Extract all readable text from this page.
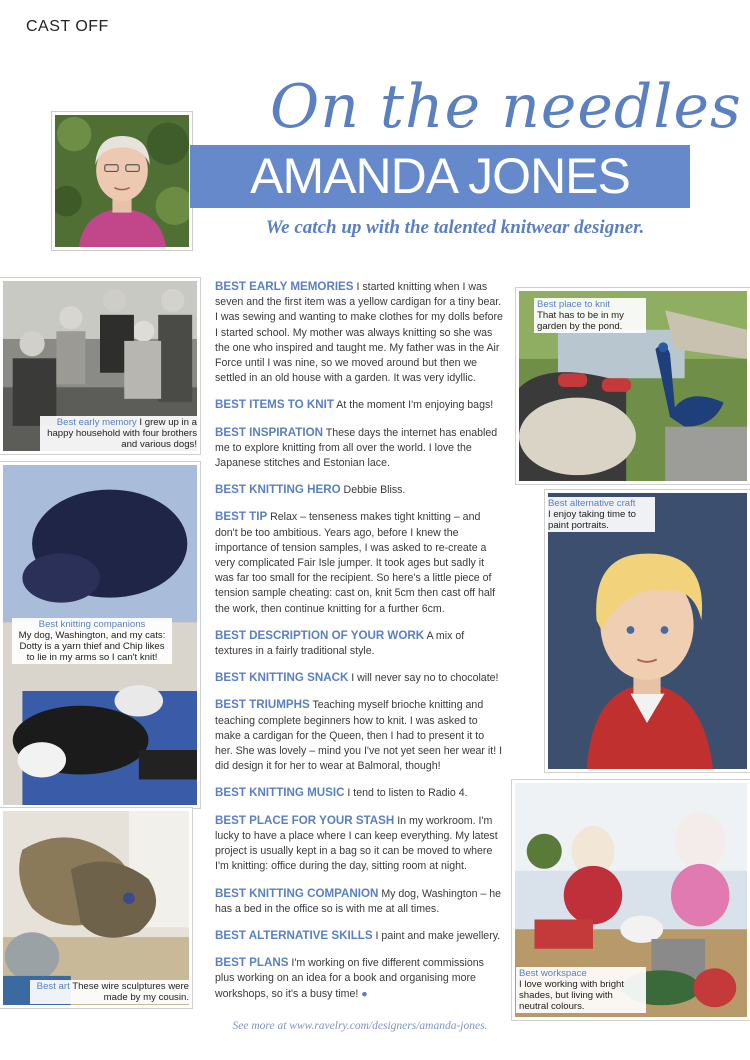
CAST OFF
On the needles
AMANDA JONES
We catch up with the talented knitwear designer.

BEST EARLY MEMORIES I started knitting when I was seven and the first item was a yellow cardigan for a tiny bear. I was sewing and wanting to make clothes for my dolls before I started school. My mother was always knitting so she was the one who inspired and taught me. My father was in the Air Force until I was nine, so we moved around but then we settled in an old house with a garden. It was very idyllic.

BEST ITEMS TO KNIT At the moment I'm enjoying bags!

BEST INSPIRATION These days the internet has enabled me to explore knitting from all over the world. I love the Japanese stitches and Estonian lace.

BEST KNITTING HERO Debbie Bliss.

BEST TIP Relax – tenseness makes tight knitting – and don't be too ambitious. Years ago, before I knew the importance of tension samples, I was asked to re-create a very complicated Fair Isle jumper. It took ages but sadly it was far too small for the recipient. So here's a little piece of tension sample cheating: cast on, knit 5cm then cast off half the work, then continue knitting for a further 6cm.

BEST DESCRIPTION OF YOUR WORK A mix of textures in a fairly traditional style.

BEST KNITTING SNACK I will never say no to chocolate!

BEST TRIUMPHS Teaching myself brioche knitting and teaching complete beginners how to knit. I was asked to make a cardigan for the Queen, then I had to present it to her. She was lovely – mind you I've not yet seen her wear it! I did design it for her to wear at Balmoral, though!

BEST KNITTING MUSIC I tend to listen to Radio 4.

BEST PLACE FOR YOUR STASH In my workroom. I'm lucky to have a place where I can keep everything. My latest project is usually kept in a bag so it can be moved to where I'm knitting: office during the day, sitting room at night.

BEST KNITTING COMPANION My dog, Washington – he has a bed in the office so is with me at all times.

BEST ALTERNATIVE SKILLS I paint and make jewellery.

BEST PLANS I'm working on five different commissions plus working on an idea for a book and organising more workshops, so it's a busy time! ●

See more at www.ravelry.com/designers/amanda-jones.
Best early memory I grew up in a happy household with four brothers and various dogs!
Best knitting companions
My dog, Washington, and my cats: Dotty is a yarn thief and Chip likes to lie in my arms so I can't knit!
Best art These wire sculptures were made by my cousin.
Best place to knit
That has to be in my garden by the pond.
Best alternative craft
I enjoy taking time to paint portraits.
Best workspace
I love working with bright shades, but living with neutral colours.
